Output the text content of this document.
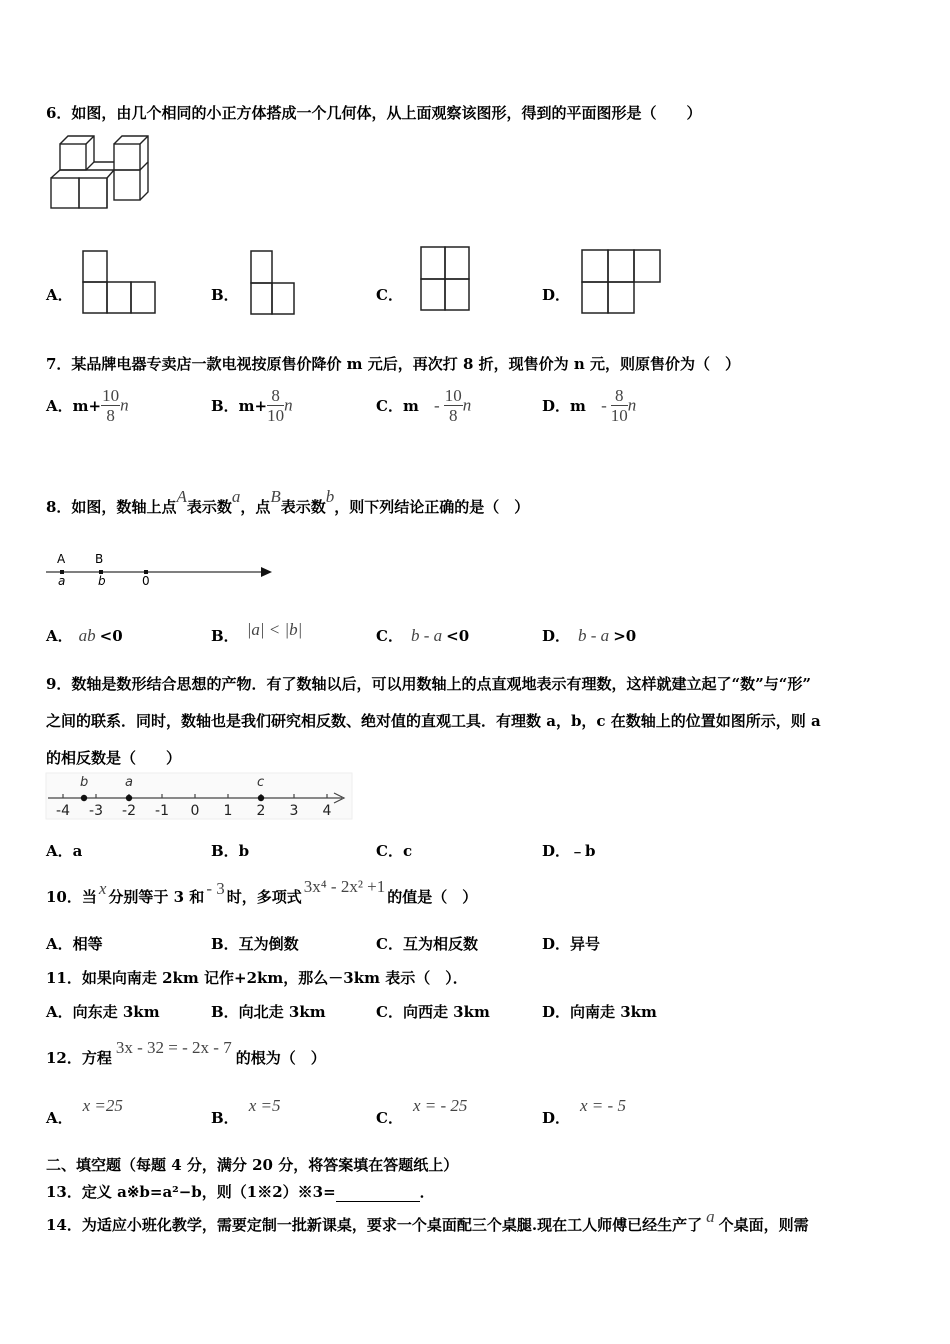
6．如图，由几个相同的小正方体搭成一个几何体，从上面观察该图形，得到的平面图形是（　　）
A．	B．	C．	D．
7．某品牌电器专卖店一款电视按原售价降价 m 元后，再次打 8 折，现售价为 n 元，则原售价为（　）
A．$m+ \frac{10}{8}$ n	B．$m+ \frac{8}{10}$ n	C．m - $\frac{10}{8}$ n	D．m - $\frac{8}{10}$ n
8．如图，数轴上点A表示数a，点B表示数b，则下列结论正确的是（　）
A B
a	b	0
A． ab <0	B． |a| < |b|	C． b - a <0	D． b - a >0
9．数轴是数形结合思想的产物．有了数轴以后，可以用数轴上的点直观地表示有理数，这样就建立起了“数”与“形”
之间的联系．同时，数轴也是我们研究相反数、绝对值的直观工具．有理数 a，b，c 在数轴上的位置如图所示，则 a
的相反数是（　　）
-4 -3 -2 -1 0 1 2 3 4
b	a	c
A．a	B．b	C．c	D．﹣b
10．当 x 分别等于 3 和 - 3 时，多项式3x⁴ - 2x² +1的值是（　）
A．相等	B．互为倒数	C．互为相反数	D．异号
11．如果向南走 2km 记作+2km，那么－3km 表示（　）．
A．向东走 3km	B．向北走 3km	C．向西走 3km	D．向南走 3km
12．方程3x - 32 = - 2x - 7的根为（　）
A．x =25
B．x =5
C．x = - 25
D．x = - 5
二、填空题（每题 4 分，满分 20 分，将答案填在答题纸上）
13．定义 a※b=a²−b，则（1※2）※3=	．
14．为适应小班化教学，需要定制一批新课桌，要求一个桌面配三个桌腿.现在工人师傅已经生产了 a 个桌面，则需
